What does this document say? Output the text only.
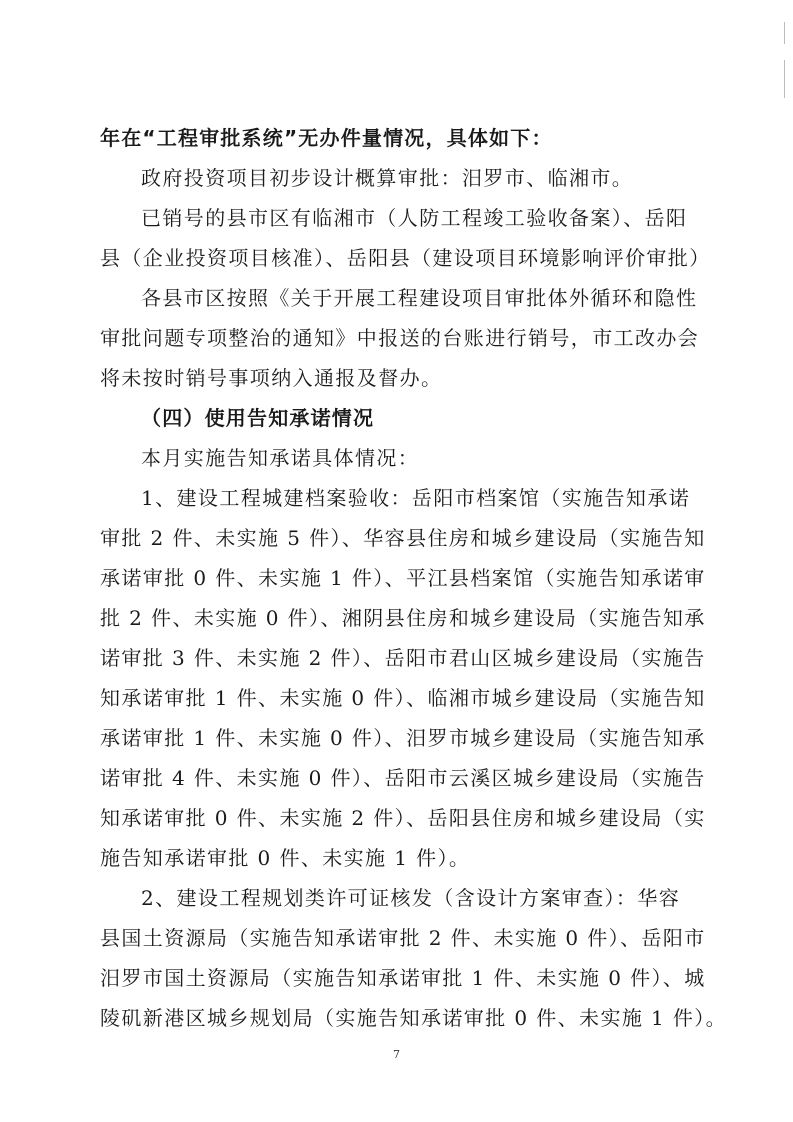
年在“工程审批系统”无办件量情况，具体如下：
政府投资项目初步设计概算审批：汨罗市、临湘市。
已销号的县市区有临湘市（人防工程竣工验收备案）、岳阳
县（企业投资项目核准）、岳阳县（建设项目环境影响评价审批）
各县市区按照《关于开展工程建设项目审批体外循环和隐性
审批问题专项整治的通知》中报送的台账进行销号，市工改办会
将未按时销号事项纳入通报及督办。
（四）使用告知承诺情况
本月实施告知承诺具体情况：
1、建设工程城建档案验收：岳阳市档案馆（实施告知承诺
审批 2 件、未实施 5 件）、华容县住房和城乡建设局（实施告知
承诺审批 0 件、未实施 1 件）、平江县档案馆（实施告知承诺审
批 2 件、未实施 0 件）、湘阴县住房和城乡建设局（实施告知承
诺审批 3 件、未实施 2 件）、岳阳市君山区城乡建设局（实施告
知承诺审批 1 件、未实施 0 件）、临湘市城乡建设局（实施告知
承诺审批 1 件、未实施 0 件）、汨罗市城乡建设局（实施告知承
诺审批 4 件、未实施 0 件）、岳阳市云溪区城乡建设局（实施告
知承诺审批 0 件、未实施 2 件）、岳阳县住房和城乡建设局（实
施告知承诺审批 0 件、未实施 1 件）。
2、建设工程规划类许可证核发（含设计方案审查）：华容
县国土资源局（实施告知承诺审批 2 件、未实施 0 件）、岳阳市
汨罗市国土资源局（实施告知承诺审批 1 件、未实施 0 件）、城
陵矶新港区城乡规划局（实施告知承诺审批 0 件、未实施 1 件）。
7
